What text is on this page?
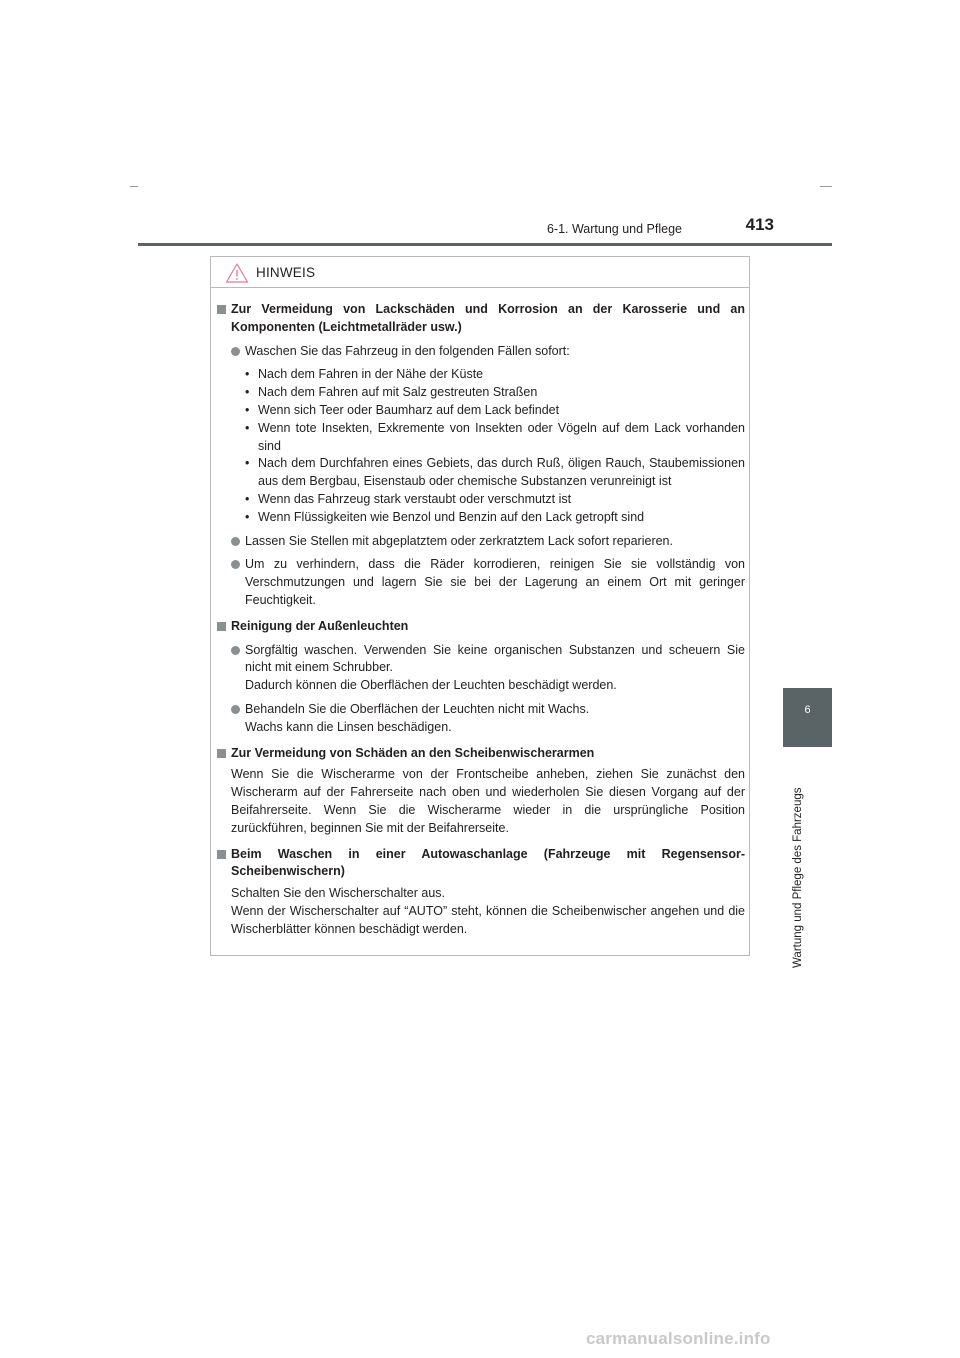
6-1. Wartung und Pflege	413
6
Wartung und Pflege des Fahrzeugs
HINWEIS
Zur Vermeidung von Lackschäden und Korrosion an der Karosserie und an Komponenten (Leichtmetallräder usw.)
Waschen Sie das Fahrzeug in den folgenden Fällen sofort:
• Nach dem Fahren in der Nähe der Küste
• Nach dem Fahren auf mit Salz gestreuten Straßen
• Wenn sich Teer oder Baumharz auf dem Lack befindet
• Wenn tote Insekten, Exkremente von Insekten oder Vögeln auf dem Lack vorhanden sind
• Nach dem Durchfahren eines Gebiets, das durch Ruß, öligen Rauch, Staubemissionen aus dem Bergbau, Eisenstaub oder chemische Substanzen verunreinigt ist
• Wenn das Fahrzeug stark verstaubt oder verschmutzt ist
• Wenn Flüssigkeiten wie Benzol und Benzin auf den Lack getropft sind
Lassen Sie Stellen mit abgeplatztem oder zerkratztem Lack sofort reparieren.
Um zu verhindern, dass die Räder korrodieren, reinigen Sie sie vollständig von Verschmutzungen und lagern Sie sie bei der Lagerung an einem Ort mit geringer Feuchtigkeit.
Reinigung der Außenleuchten
Sorgfältig waschen. Verwenden Sie keine organischen Substanzen und scheuern Sie nicht mit einem Schrubber.
Dadurch können die Oberflächen der Leuchten beschädigt werden.
Behandeln Sie die Oberflächen der Leuchten nicht mit Wachs.
Wachs kann die Linsen beschädigen.
Zur Vermeidung von Schäden an den Scheibenwischerarmen
Wenn Sie die Wischerarme von der Frontscheibe anheben, ziehen Sie zunächst den Wischerarm auf der Fahrerseite nach oben und wiederholen Sie diesen Vorgang auf der Beifahrerseite. Wenn Sie die Wischerarme wieder in die ursprüngliche Position zurückführen, beginnen Sie mit der Beifahrerseite.
Beim Waschen in einer Autowaschanlage (Fahrzeuge mit Regensensor-Scheibenwischern)
Schalten Sie den Wischerschalter aus.
Wenn der Wischerschalter auf “AUTO” steht, können die Scheibenwischer angehen und die Wischerblätter können beschädigt werden.
carmanualsonline.info
